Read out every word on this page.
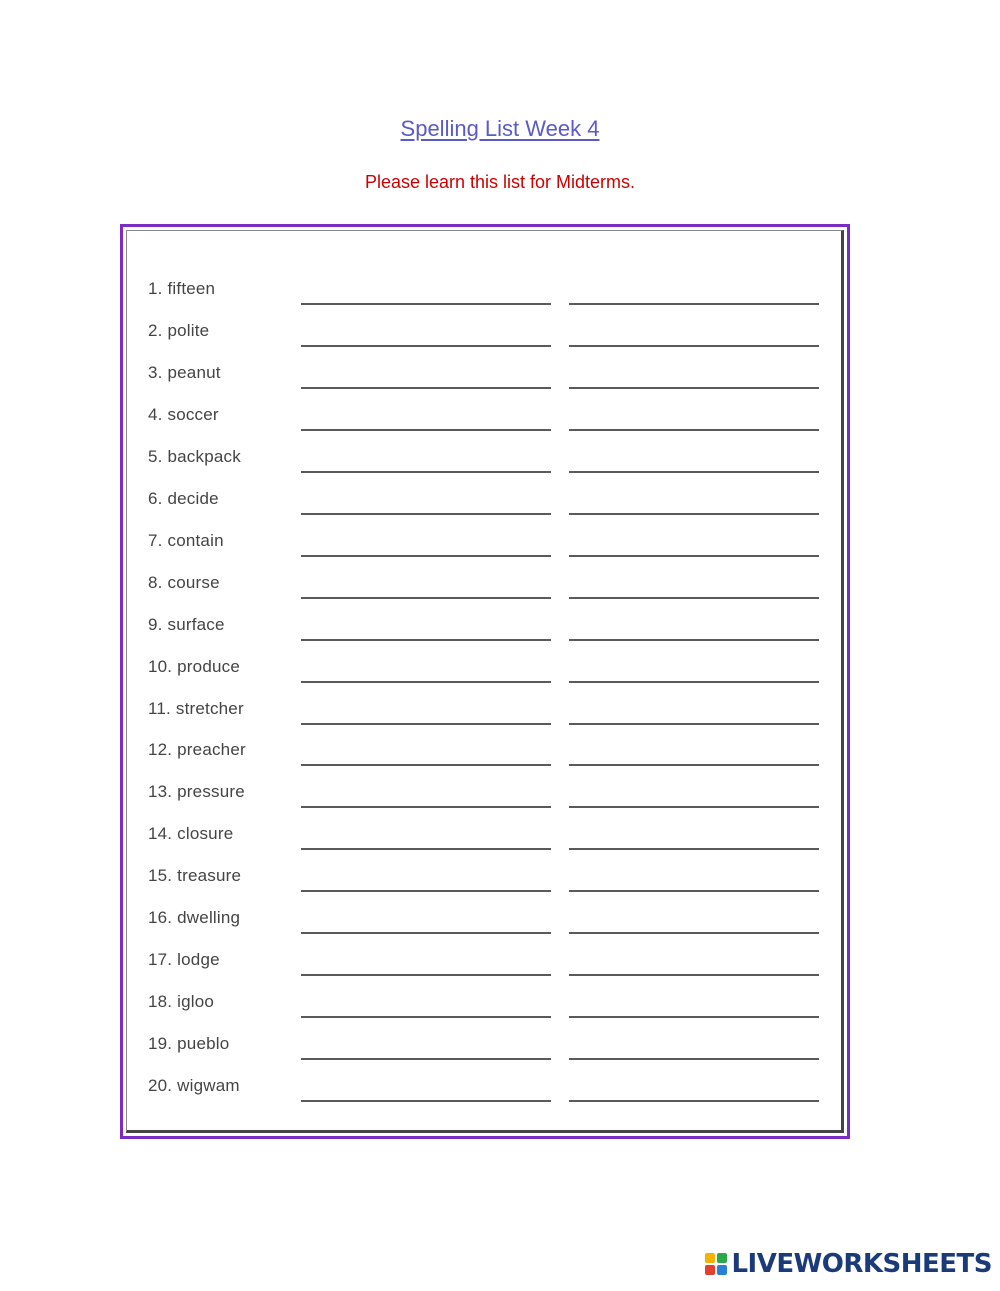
Spelling List Week 4
Please learn this list for Midterms.
1. fifteen
2. polite
3. peanut
4. soccer
5. backpack
6. decide
7. contain
8. course
9. surface
10. produce
11. stretcher
12. preacher
13. pressure
14. closure
15. treasure
16. dwelling
17. lodge
18. igloo
19. pueblo
20. wigwam
LIVEWORKSHEETS
